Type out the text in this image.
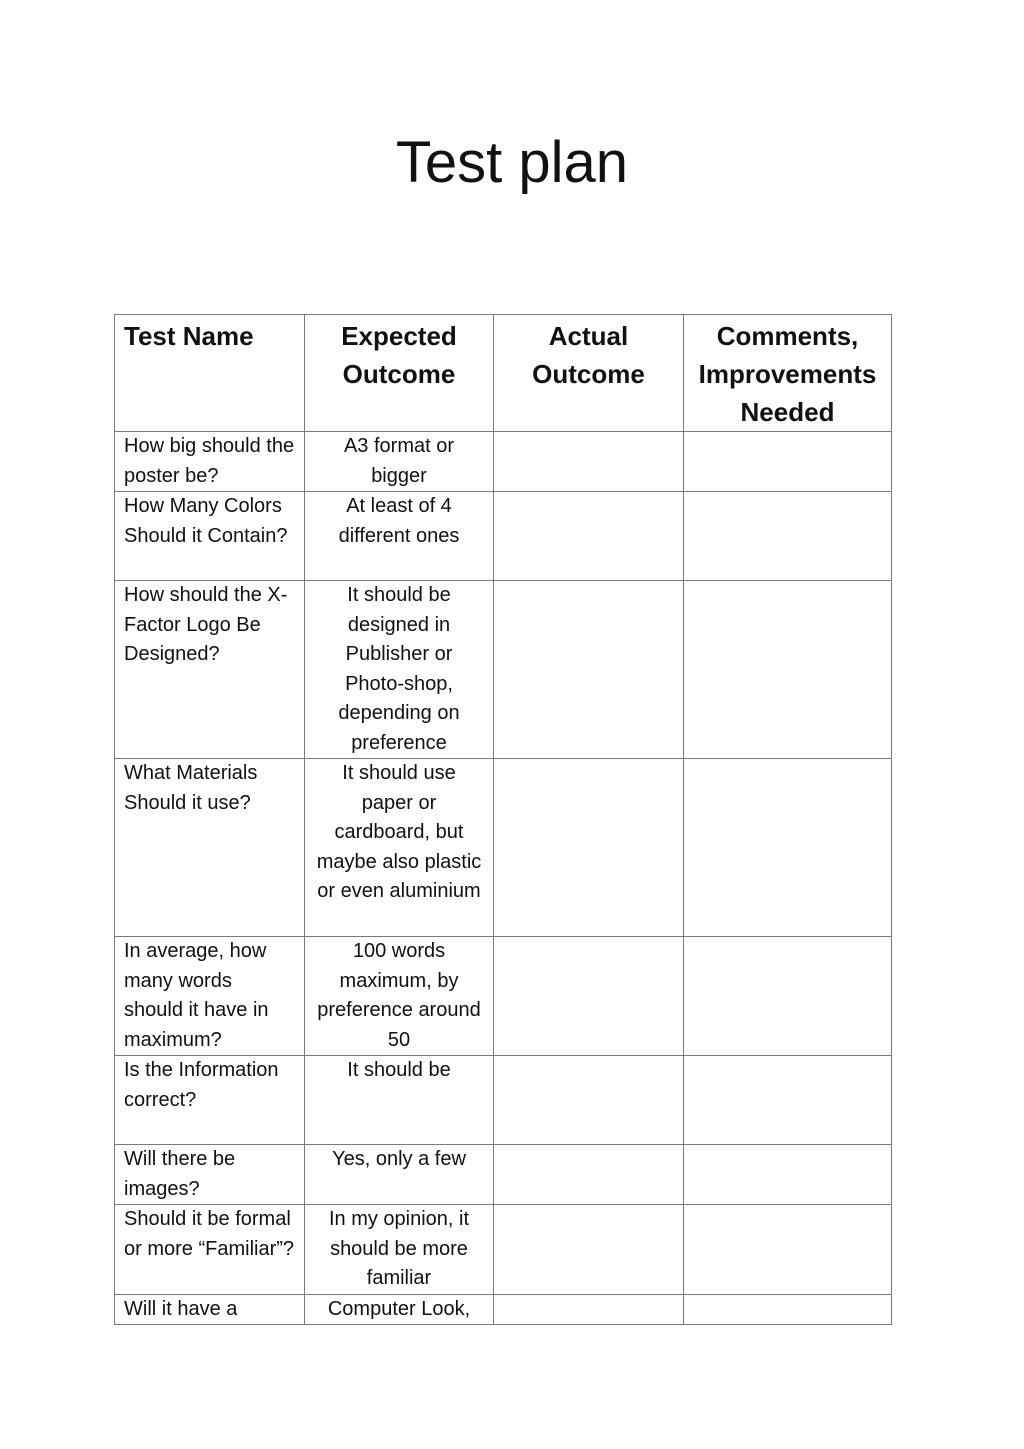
Test plan
Test Name	Expected Outcome	Actual Outcome	Comments, Improvements Needed
How big should the poster be?	A3 format or bigger		
How Many Colors Should it Contain?	At least of 4 different ones		
How should the X-Factor Logo Be Designed?	It should be designed in Publisher or Photo-shop, depending on preference		
What Materials Should it use?	It should use paper or cardboard, but maybe also plastic or even aluminium		
In average, how many words should it have in maximum?	100 words maximum, by preference around 50		
Is the Information correct?	It should be		
Will there be images?	Yes, only a few		
Should it be formal or more “Familiar”?	In my opinion, it should be more familiar		
Will it have a	Computer Look,		
